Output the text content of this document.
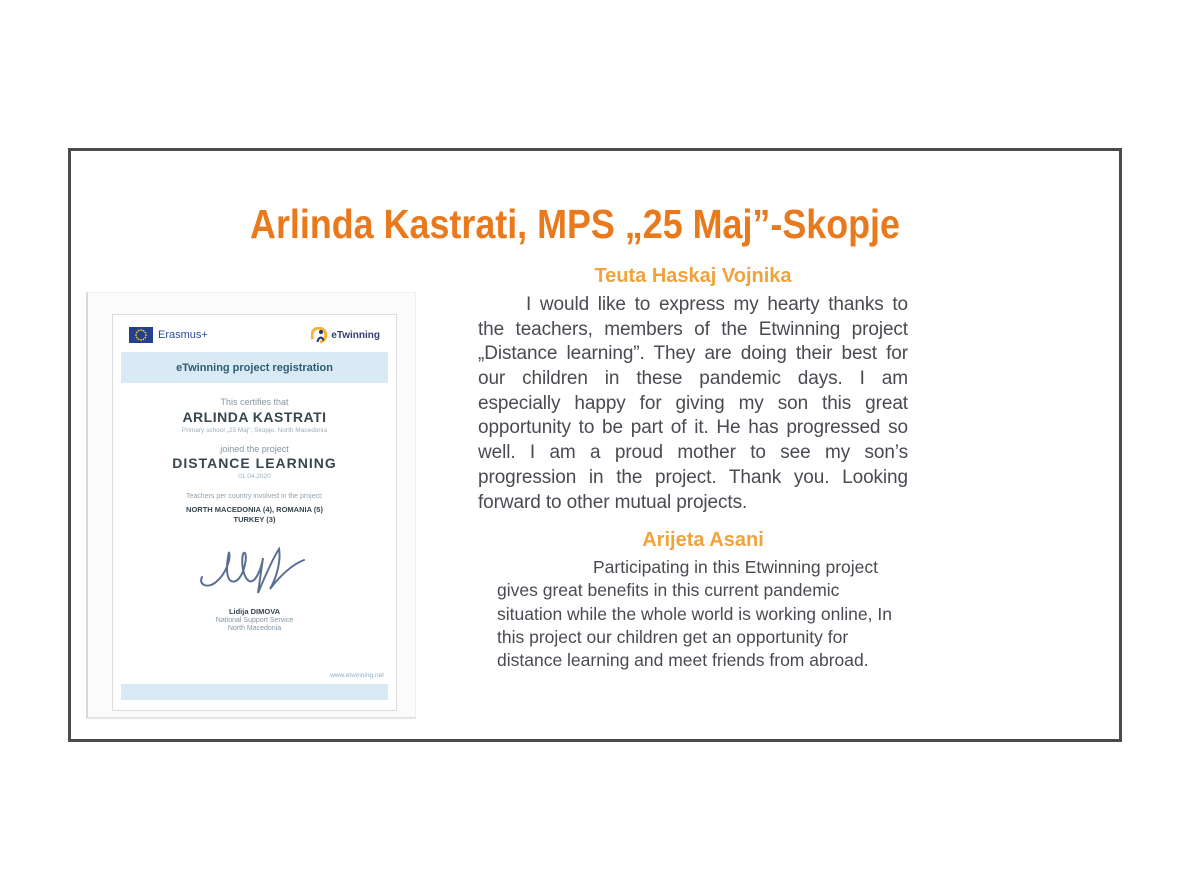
Arlinda Kastrati, MPS „25 Maj”-Skopje
Erasmus+	eTwinning
eTwinning project registration
This certifies that
ARLINDA KASTRATI
Primary school „25 Maj”, Skopje, North Macedonia
joined the project
DISTANCE LEARNING
01.04.2020
Teachers per country involved in the project:
NORTH MACEDONIA (4), ROMANIA (5)
TURKEY (3)
Lidija DIMOVA
National Support Service
North Macedonia
www.etwinning.net
Teuta Haskaj Vojnika

I would like to express my hearty thanks to the teachers, members of the Etwinning project „Distance learning”. They are doing their best for our children in these pandemic days. I am especially happy for giving my son this great opportunity to be part of it. He has progressed so well. I am a proud mother to see my son’s progression in the project. Thank you. Looking forward to other mutual projects.

Arijeta Asani

Participating in this Etwinning project gives great benefits in this current pandemic situation while the whole world is working online, In this project our children get an opportunity for distance learning and meet friends from abroad.
